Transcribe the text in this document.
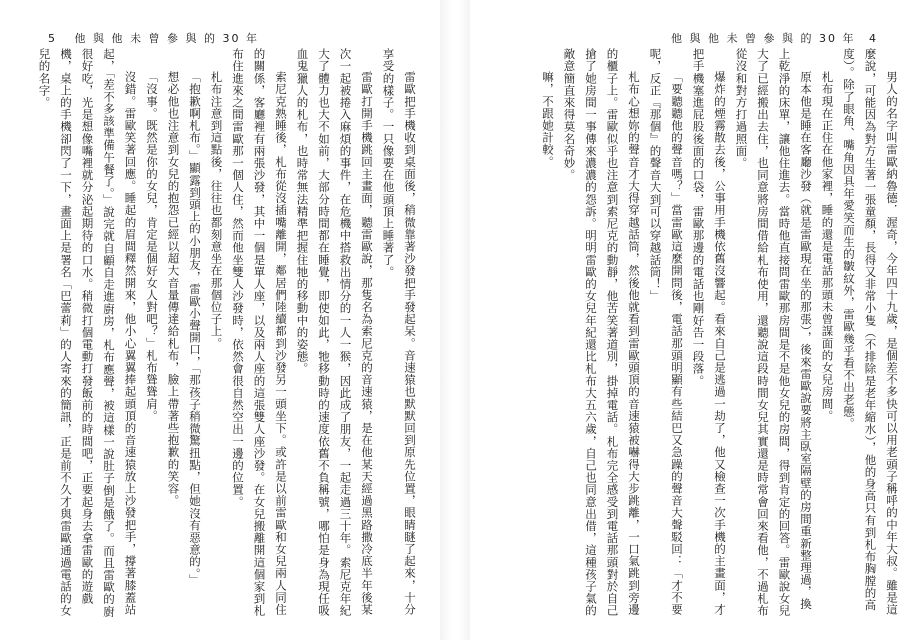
5 他 與 他 未 曾 參 與 的 30 年

雷歐把手機收到桌面後，稍微靠著沙發把手發起呆。音速猿也默默回到原先位置，眼睛瞇了起來，十分享受的樣子。一只像要在他頭頂上睡著了。

雷歐打開手機跳回主畫面，聽雷歐說，那隻名為索尼克的音速猿，是在他某天經過黑路撒冷底半年後某次一起被捲入麻煩的事件，在危機中搭救出情分的一人一猴，因此成了朋友，一起走過三十年。索尼克年紀大了體力也大不如前，大部分時間都在睡覺，即使如此，牠移動時的速度依舊不負稱號，哪怕是身為現任吸血鬼獵人的札布，也時常無法精準把握住牠的移動中的姿態。

索尼克熟睡後，札布從沒插嘴離開，鄰居們陸續都到沙發另一頭坐下。或許是以前雷歐和女兒兩人同住的關係，客廳裡有兩張沙發，其中一個是單人座，以及兩人座的這張雙人座沙發。在女兒搬離開這個家到札布住進來之間雷歐那一個人住，然而他坐雙人沙發時，依然會很自然空出一邊的位置。

札布注意到這點後，往往也都刻意坐在那個位子上。

「抱歉啊札布。」顯露到頭上的小朋友，雷歐小聲開口，「那孩子稍微驚扭點，但她沒有惡意的。」

想必他也注意到女兒的抱怨已經以超大音量傳達給札布，臉上帶著些抱歉的笑容。

「沒事。既然是你的女兒，肯定是個好女人對吧？」札布聳聳肩。

沒錯。雷歐笑著回應。睡起的眉間釋然開來，他小心翼翼捧起頭頂的音速猿放上沙發把手，撐著膝蓋站起，「差不多該準備午餐了。」說完就自顧自走進廚房，札布應聲，被這樣一說肚子倒是餓了。而且雷歐的廚很好吃，光是想像嘴裡就分泌起期待的口水。稍微打個電動打發飯前的時間吧，正要起身去拿雷歐的遊戲機，桌上的手機卻閃了一下，畫面上是署名「巴蕾莉」的人寄來的簡訊，正是前不久才與雷歐通過電話的女兒的名字。

他 與 他 未 曾 參 與 的 30 年 4

男人的名字叫雷歐納魯德．渥奇，今年四十九歲，是個差不多快可以用老頭子稱呼的中年大叔。雖是這麼說，可能因為對方生著一張童顏，長得又非常小隻（不排除是老年縮水），他的身高只有到札布胸膛的高度）。除了眼角、嘴角因具年愛笑而生的皺紋外，雷歐幾乎看不出老態。

札布現在正住在他家裡，睡的還是電話那頭未曾謀面的女兒房間。

原本他是睡在客廳沙發（就是雷歐現在坐的那張），後來雷歐說要將主臥室隔壁的房間重新整理過，換上乾淨的床單，讓他住進去。當時他直接問雷歐那房間是不是他女兒的房間，得到肯定的回答。雷歐說女兒大了已經搬出去住，也同意將房間借給札布使用，還聽說這段時間女兒其實還是時常會回來看他，不過札布從沒和對方打過照面。

爆炸的煙霧散去後，公事用手機依舊沒響起。看來自己是逃過一劫了，他又檢查一次手機的主畫面，才把手機塞進屁股後面的口袋，雷歐那邊的電話也剛好告一段落。

「要聽聽他的聲音嗎？」當雷歐這麼開問後，電話那頭明顯有些結巴又急躁的聲音大聲駁回：「才不要呢，反正『那個』的聲音大到可以穿越話筒！」

札布心想妳的聲音才大得穿越話筒，然後他就看到雷歐頭頂的音速猿被嚇得大步跳離，一口氣跳到旁邊的櫃子上。雷歐似乎也注意到索尼克的動靜，他苦笑著道別，掛掉電話。札布完全感受到電話那頭對於自己搶了她房間一事傳來濃濃的怨訴。明明雷歐的女兒年紀還比札布大五六歲，自己也同意出借，這種孩子氣的敵意簡直來得莫名奇妙。

嘛，不跟她計較。
